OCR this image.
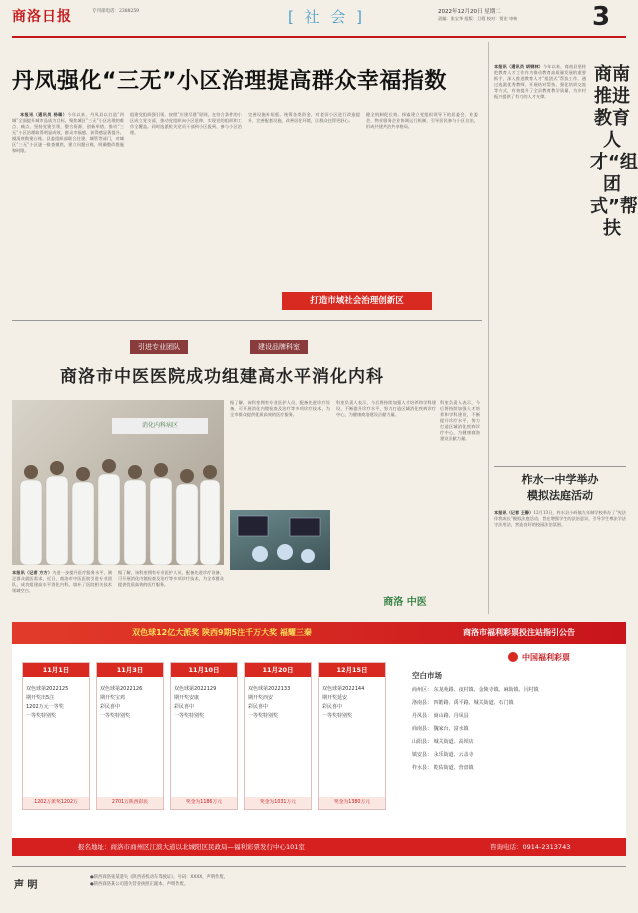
商洛日报	专刊部电话：2388259	[ 社 会 ]	2022年12月20日 星期二
责编：张宝华 组版：卫霞 校对：贾宏 审核	3
丹凤强化“三无”小区治理提高群众幸福指数
本报讯（通讯员 杨璐）今年以来，丹凤县以打造“四城”全面提升城市品质为目标，聚焦城区“三无”小区治理的难点、痛点，坚持党建引领，整合资源，创新举措，推动“三无”小区治理取得明显成效，群众幸福感、获得感显著提升。摸清底数建台账。县委组织部联合住建、城管等部门，对城区“三无”小区逐一排查摸底，建立问题台账，明确整改措施和时限。
组建党组织强引领。按照“应建尽建”原则，在符合条件的小区成立党支部，推动党组织向小区延伸，实现党的组织和工作全覆盖。同时选派机关党员干部到小区报到，参与小区治理。
完善设施补短板。统筹各类资金，对老旧小区进行改造提升，完善配套设施，改善居住环境，让群众住得更舒心。
健全机制促长效。探索建立党组织领导下的居委会、业委会、物业服务企业协调运行机制，引导居民参与小区自治，形成共建共治共享格局。
打造市域社会治理创新区
引进专业团队	建设品牌科室
商洛市中医医院成功组建高水平消化内科
消化内科病区
本报讯（记者 方方）为进一步提升医疗服务水平，满足群众就医需求，近日，商洛市中医医院引进专业团队，成功组建高水平消化内科，填补了医院相关技术领域空白。
据了解，该科室拥有专业医护人员，配备先进诊疗设备，可开展消化内镜检查及治疗等多项诊疗技术，为全市群众提供优质高效的医疗服务。
据了解，该科室拥有专业医护人员，配备先进诊疗设备，可开展消化内镜检查及治疗等多项诊疗技术，为全市群众提供优质高效的医疗服务。
科室负责人表示，今后将持续加强人才培养和学科建设，不断提升诊疗水平，努力打造区域消化疾病诊疗中心，为健康商洛建设贡献力量。
科室负责人表示，今后将持续加强人才培养和学科建设，不断提升诊疗水平，努力打造区域消化疾病诊疗中心，为健康商洛建设贡献力量。
商洛 中医
本报讯（通讯员 胡钢林）今年以来，商南县坚持把教育人才工作作为推动教育高质量发展的重要抓手，深入推进教育人才“组团式”帮扶工作，通过选派优秀教师、开展结对帮扶、强化培训交流等方式，有效提升了全县教育教学质量，为乡村振兴提供了有力的人才支撑。
商南推进教育人才“组团式”帮扶
柞水一中学举办
模拟法庭活动
本报讯（记者 王静）12月13日，柞水县小岭镇九年制学校举办了“宪法伴我成长”模拟法庭活动，旨在增强学生的法治意识，引导学生尊法学法守法用法，营造良好的校园法治氛围。
双色球12亿大派奖 陕西9期5注千万大奖 福耀三秦	商洛市福利彩票投注站指引公告
11月1日
双色球第2022125
期开奖出5注
1202万元一等奖
一等奖特别奖
1202万派奖1202万
11月3日
双色球第2022126
期开奖宝鸡
彩民喜中
一等奖特别奖
2701万陕西彩民
11月10日
双色球第2022129
期开奖安康
彩民喜中
一等奖特别奖
奖金为1186万元
11月20日
双色球第2022133
期开奖西安
彩民喜中
一等奖特别奖
奖金为1031万元
12月15日
双色球第2022144
期开奖延安
彩民喜中
一等奖特别奖
奖金为1380万元
中国福利彩票
空白市场
商州区： 东龙苑路、夜村镇、金陵寺镇、麻街镇、闫村镇
洛南县： 四皓路、禹平路、城关街道、石门镇
丹凤县： 商山路、丹凤县
商南县： 魏家台、富水镇
山阳县： 城关街道、高坝店
镇安县： 永乐街道、云盖寺
柞水县： 乾佑街道、营盘镇
报名地址：商洛市商州区江滨大道以北城阳区民政局—福利彩票发行中心101室	咨询电话：0914-2313743
声 明
●陕西商洛张某遗失《陕西省机动车驾驶证》，号码：XXXX，声明作废。
●陕西商洛某公司遗失营业执照正副本，声明作废。
